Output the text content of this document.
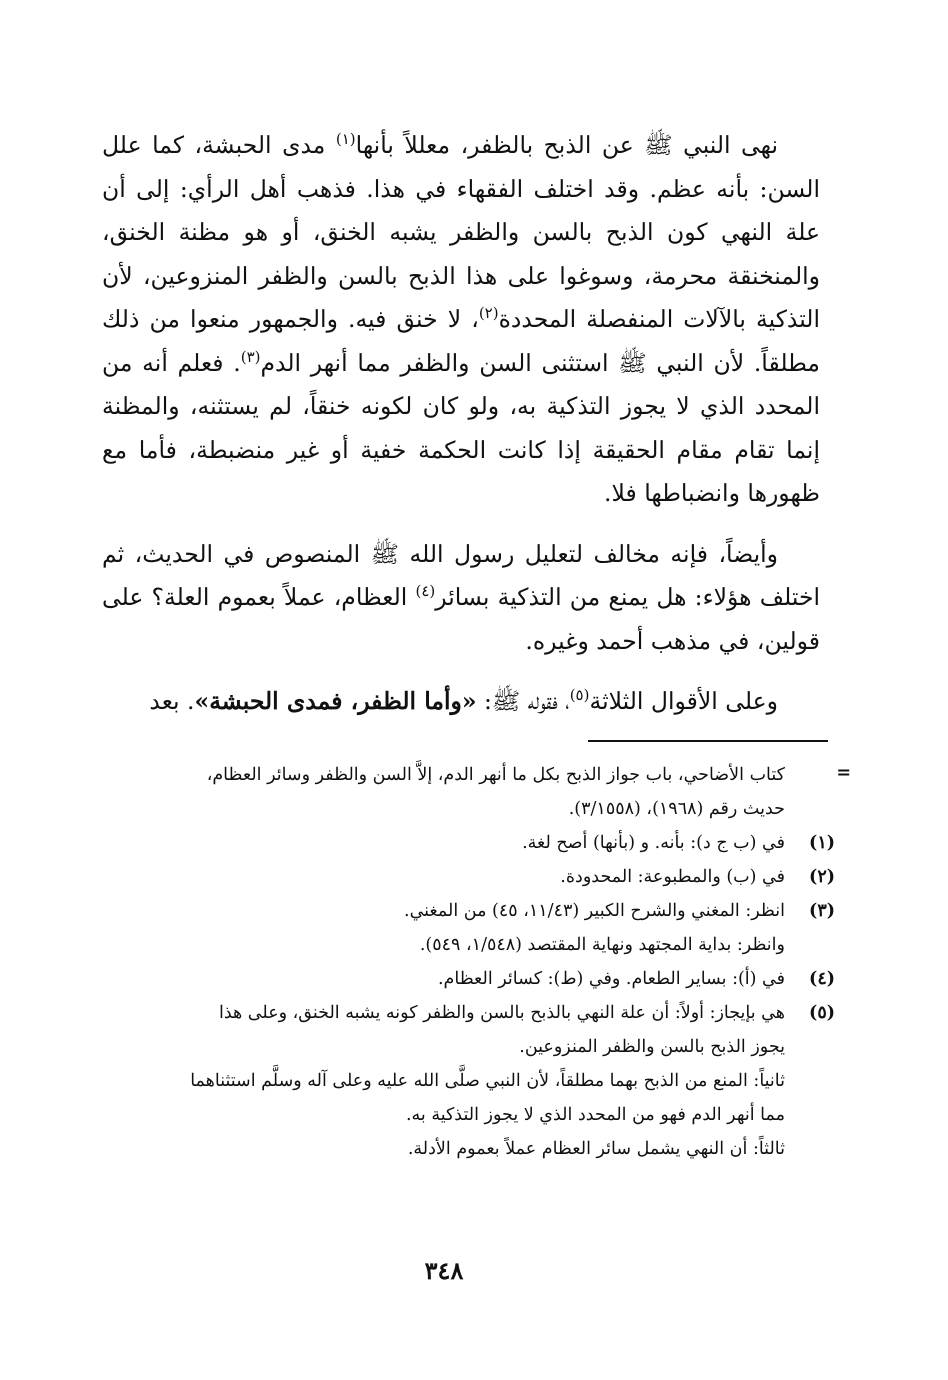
نهى النبي ﷺ عن الذبح بالظفر، معللاً بأنها$^{(١)}$ مدى الحبشة، كما علل السن: بأنه عظم. وقد اختلف الفقهاء في هذا. فذهب أهل الرأي: إلى أن علة النهي كون الذبح بالسن والظفر يشبه الخنق، أو هو مظنة الخنق، والمنخنقة محرمة، وسوغوا على هذا الذبح بالسن والظفر المنزوعين، لأن التذكية بالآلات المنفصلة المحددة$^{(٢)}$، لا خنق فيه. والجمهور منعوا من ذلك مطلقاً. لأن النبي ﷺ استثنى السن والظفر مما أنهر الدم$^{(٣)}$. فعلم أنه من المحدد الذي لا يجوز التذكية به، ولو كان لكونه خنقاً، لم يستثنه، والمظنة إنما تقام مقام الحقيقة إذا كانت الحكمة خفية أو غير منضبطة، فأما مع ظهورها وانضباطها فلا.

وأيضاً، فإنه مخالف لتعليل رسول الله ﷺ المنصوص في الحديث، ثم اختلف هؤلاء: هل يمنع من التذكية بسائر$^{(٤)}$ العظام، عملاً بعموم العلة؟ على قولين، في مذهب أحمد وغيره.

وعلى الأقوال الثلاثة$^{(٥)}$، فقوله ﷺ: «وأما الظفر، فمدى الحبشة». بعد

=
كتاب الأضاحي، باب جواز الذبح بكل ما أنهر الدم، إلاَّ السن والظفر وسائر العظام،
حديث رقم (١٩٦٨)، (٣/١٥٥٨).
(١)
في (ب ج د): بأنه. و (بأنها) أصح لغة.
(٢)
في (ب) والمطبوعة: المحدودة.
(٣)
انظر: المغني والشرح الكبير (١١/٤٣، ٤٥) من المغني.
وانظر: بداية المجتهد ونهاية المقتصد (١/٥٤٨، ٥٤٩).
(٤)
في (أ): بساير الطعام. وفي (ط): كسائر العظام.
(٥)
هي بإيجاز: أولاً: أن علة النهي بالذبح بالسن والظفر كونه يشبه الخنق، وعلى هذا
يجوز الذبح بالسن والظفر المنزوعين.
ثانياً: المنع من الذبح بهما مطلقاً، لأن النبي صلَّى الله عليه وعلى آله وسلَّم استثناهما
مما أنهر الدم فهو من المحدد الذي لا يجوز التذكية به.
ثالثاً: أن النهي يشمل سائر العظام عملاً بعموم الأدلة.
٣٤٨
